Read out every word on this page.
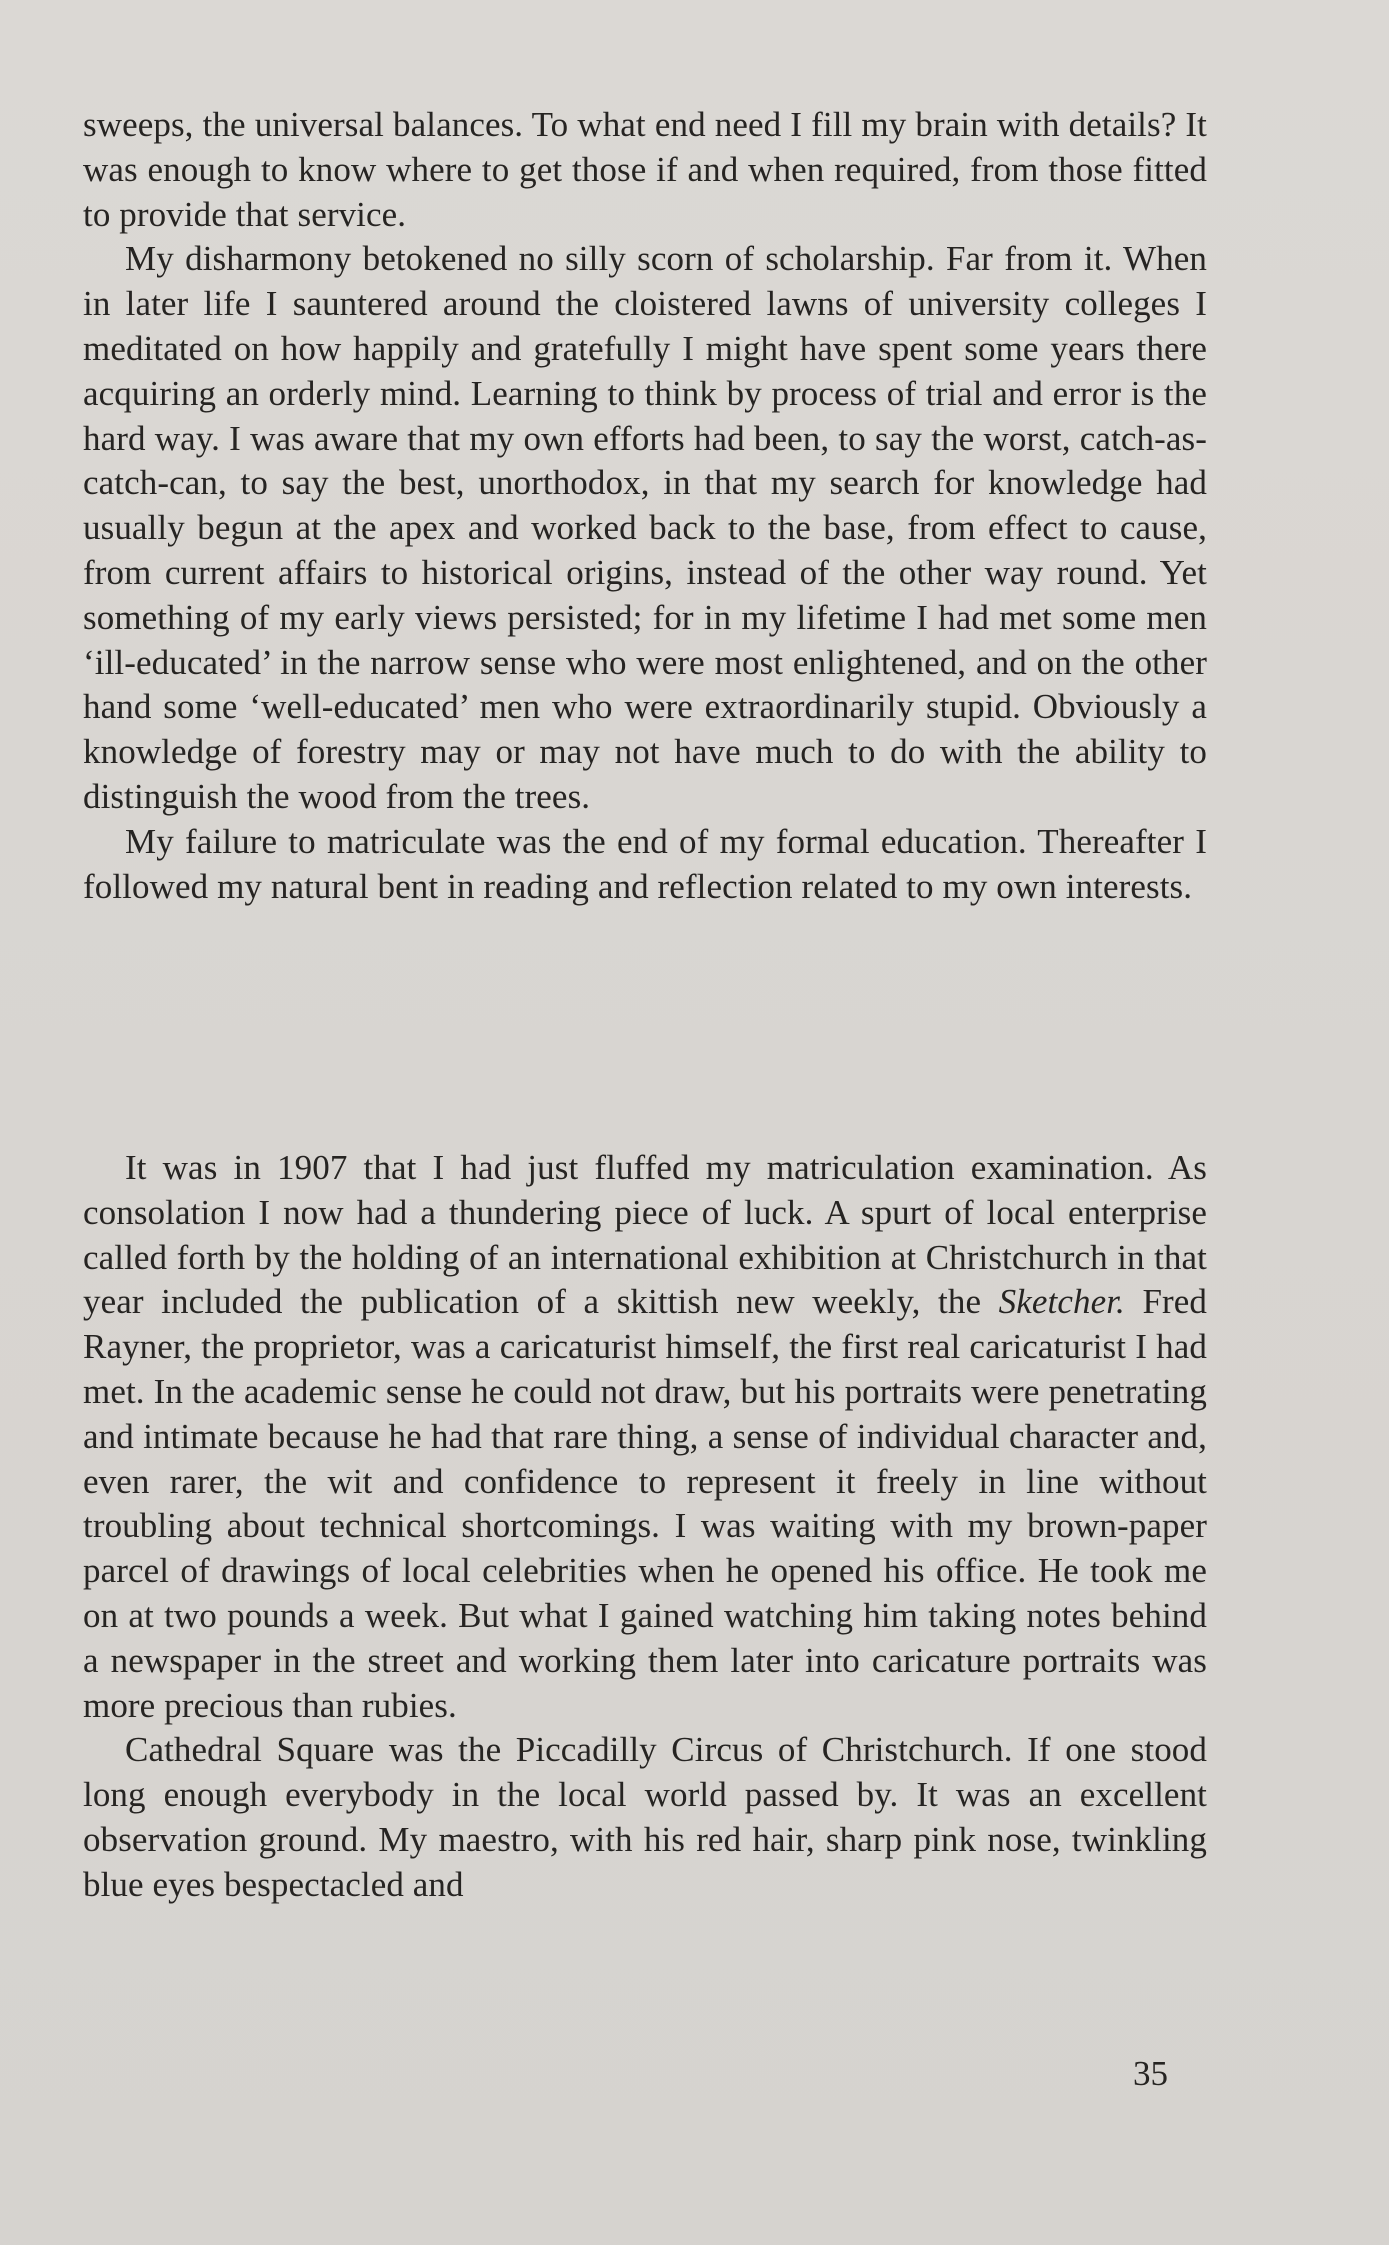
sweeps, the universal balances. To what end need I fill my brain with details? It was enough to know where to get those if and when required, from those fitted to provide that service.

My disharmony betokened no silly scorn of scholarship. Far from it. When in later life I sauntered around the cloistered lawns of university colleges I meditated on how happily and gratefully I might have spent some years there acquiring an orderly mind. Learning to think by process of trial and error is the hard way. I was aware that my own efforts had been, to say the worst, catch-as-catch-can, to say the best, unorthodox, in that my search for knowledge had usually begun at the apex and worked back to the base, from effect to cause, from current affairs to historical origins, instead of the other way round. Yet something of my early views persisted; for in my lifetime I had met some men ‘ill-educated’ in the narrow sense who were most enlightened, and on the other hand some ‘well-educated’ men who were extraordinarily stupid. Obviously a knowledge of forestry may or may not have much to do with the ability to distinguish the wood from the trees.

My failure to matriculate was the end of my formal education. Thereafter I followed my natural bent in reading and reflection related to my own interests.

It was in 1907 that I had just fluffed my matriculation examination. As consolation I now had a thundering piece of luck. A spurt of local enterprise called forth by the holding of an international exhibition at Christchurch in that year included the publication of a skittish new weekly, the Sketcher. Fred Rayner, the proprietor, was a caricaturist himself, the first real caricaturist I had met. In the academic sense he could not draw, but his portraits were penetrating and intimate because he had that rare thing, a sense of individual character and, even rarer, the wit and confidence to represent it freely in line without troubling about technical shortcomings. I was waiting with my brown-paper parcel of drawings of local celebrities when he opened his office. He took me on at two pounds a week. But what I gained watching him taking notes behind a newspaper in the street and working them later into caricature portraits was more precious than rubies.

Cathedral Square was the Piccadilly Circus of Christchurch. If one stood long enough everybody in the local world passed by. It was an excellent observation ground. My maestro, with his red hair, sharp pink nose, twinkling blue eyes bespectacled and

35
